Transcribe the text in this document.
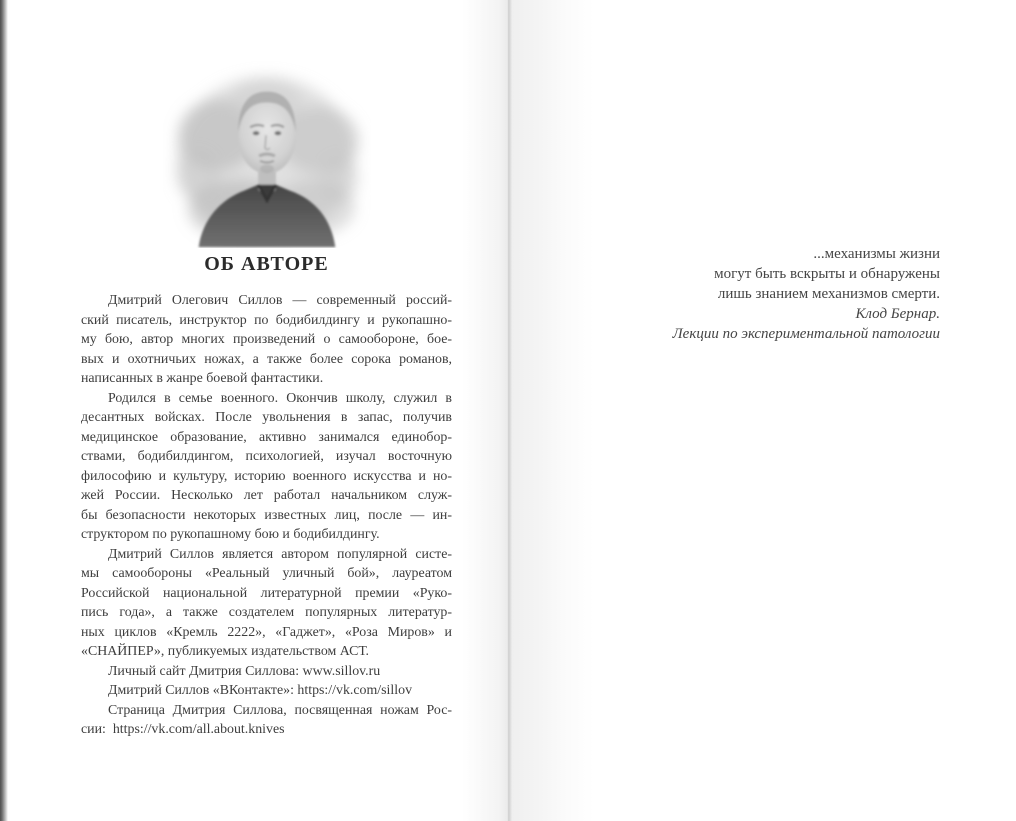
ОБ АВТОРЕ
Дмитрий Олегович Силлов — современный россий-
ский писатель, инструктор по бодибилдингу и рукопашно-
му бою, автор многих произведений о самообороне, бое-
вых и охотничьих ножах, а также более сорока романов,
написанных в жанре боевой фантастики.
Родился в семье военного. Окончив школу, служил в
десантных войсках. После увольнения в запас, получив
медицинское образование, активно занимался единобор-
ствами, бодибилдингом, психологией, изучал восточную
философию и культуру, историю военного искусства и но-
жей России. Несколько лет работал начальником служ-
бы безопасности некоторых известных лиц, после — ин-
структором по рукопашному бою и бодибилдингу.
Дмитрий Силлов является автором популярной систе-
мы самообороны «Реальный уличный бой», лауреатом
Российской национальной литературной премии «Руко-
пись года», а также создателем популярных литератур-
ных циклов «Кремль 2222», «Гаджет», «Роза Миров» и
«СНАЙПЕР», публикуемых издательством АСТ.
Личный сайт Дмитрия Силлова: www.sillov.ru
Дмитрий Силлов «ВКонтакте»: https://vk.com/sillov
Страница Дмитрия Силлова, посвященная ножам Рос-
сии:  https://vk.com/all.about.knives
...механизмы жизни
могут быть вскрыты и обнаружены
лишь знанием механизмов смерти.
Клод Бернар.
Лекции по экспериментальной патологии
